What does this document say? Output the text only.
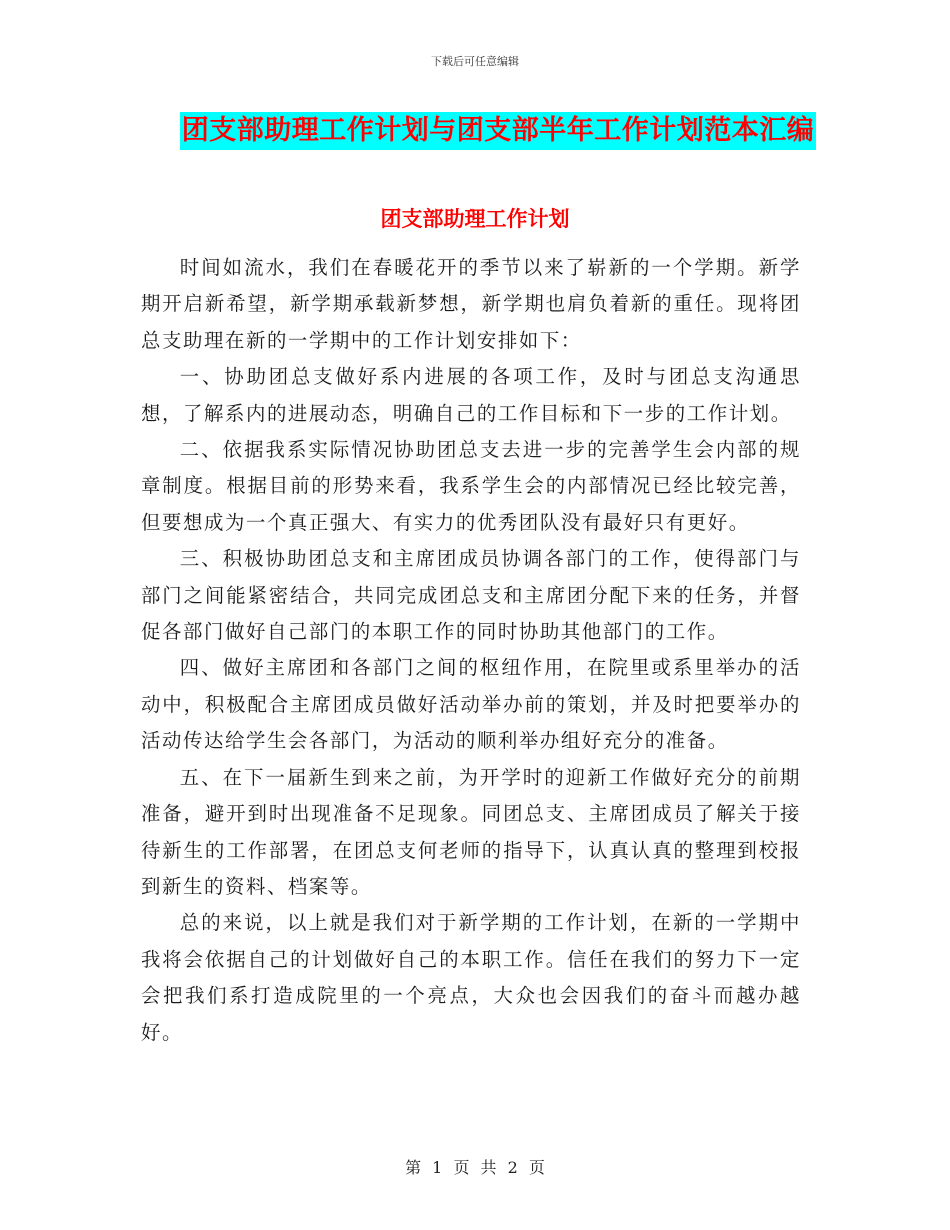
下载后可任意编辑
团支部助理工作计划与团支部半年工作计划范本汇编
团支部助理工作计划

时间如流水，我们在春暖花开的季节以来了崭新的一个学期。新学期开启新希望，新学期承载新梦想，新学期也肩负着新的重任。现将团总支助理在新的一学期中的工作计划安排如下：

一、协助团总支做好系内进展的各项工作，及时与团总支沟通思想，了解系内的进展动态，明确自己的工作目标和下一步的工作计划。

二、依据我系实际情况协助团总支去进一步的完善学生会内部的规章制度。根据目前的形势来看，我系学生会的内部情况已经比较完善，但要想成为一个真正强大、有实力的优秀团队没有最好只有更好。

三、积极协助团总支和主席团成员协调各部门的工作，使得部门与部门之间能紧密结合，共同完成团总支和主席团分配下来的任务，并督促各部门做好自己部门的本职工作的同时协助其他部门的工作。

四、做好主席团和各部门之间的枢纽作用，在院里或系里举办的活动中，积极配合主席团成员做好活动举办前的策划，并及时把要举办的活动传达给学生会各部门，为活动的顺利举办组好充分的准备。

五、在下一届新生到来之前，为开学时的迎新工作做好充分的前期准备，避开到时出现准备不足现象。同团总支、主席团成员了解关于接待新生的工作部署，在团总支何老师的指导下，认真认真的整理到校报到新生的资料、档案等。

总的来说，以上就是我们对于新学期的工作计划，在新的一学期中我将会依据自己的计划做好自己的本职工作。信任在我们的努力下一定会把我们系打造成院里的一个亮点，大众也会因我们的奋斗而越办越好。

第 1 页 共 2 页
